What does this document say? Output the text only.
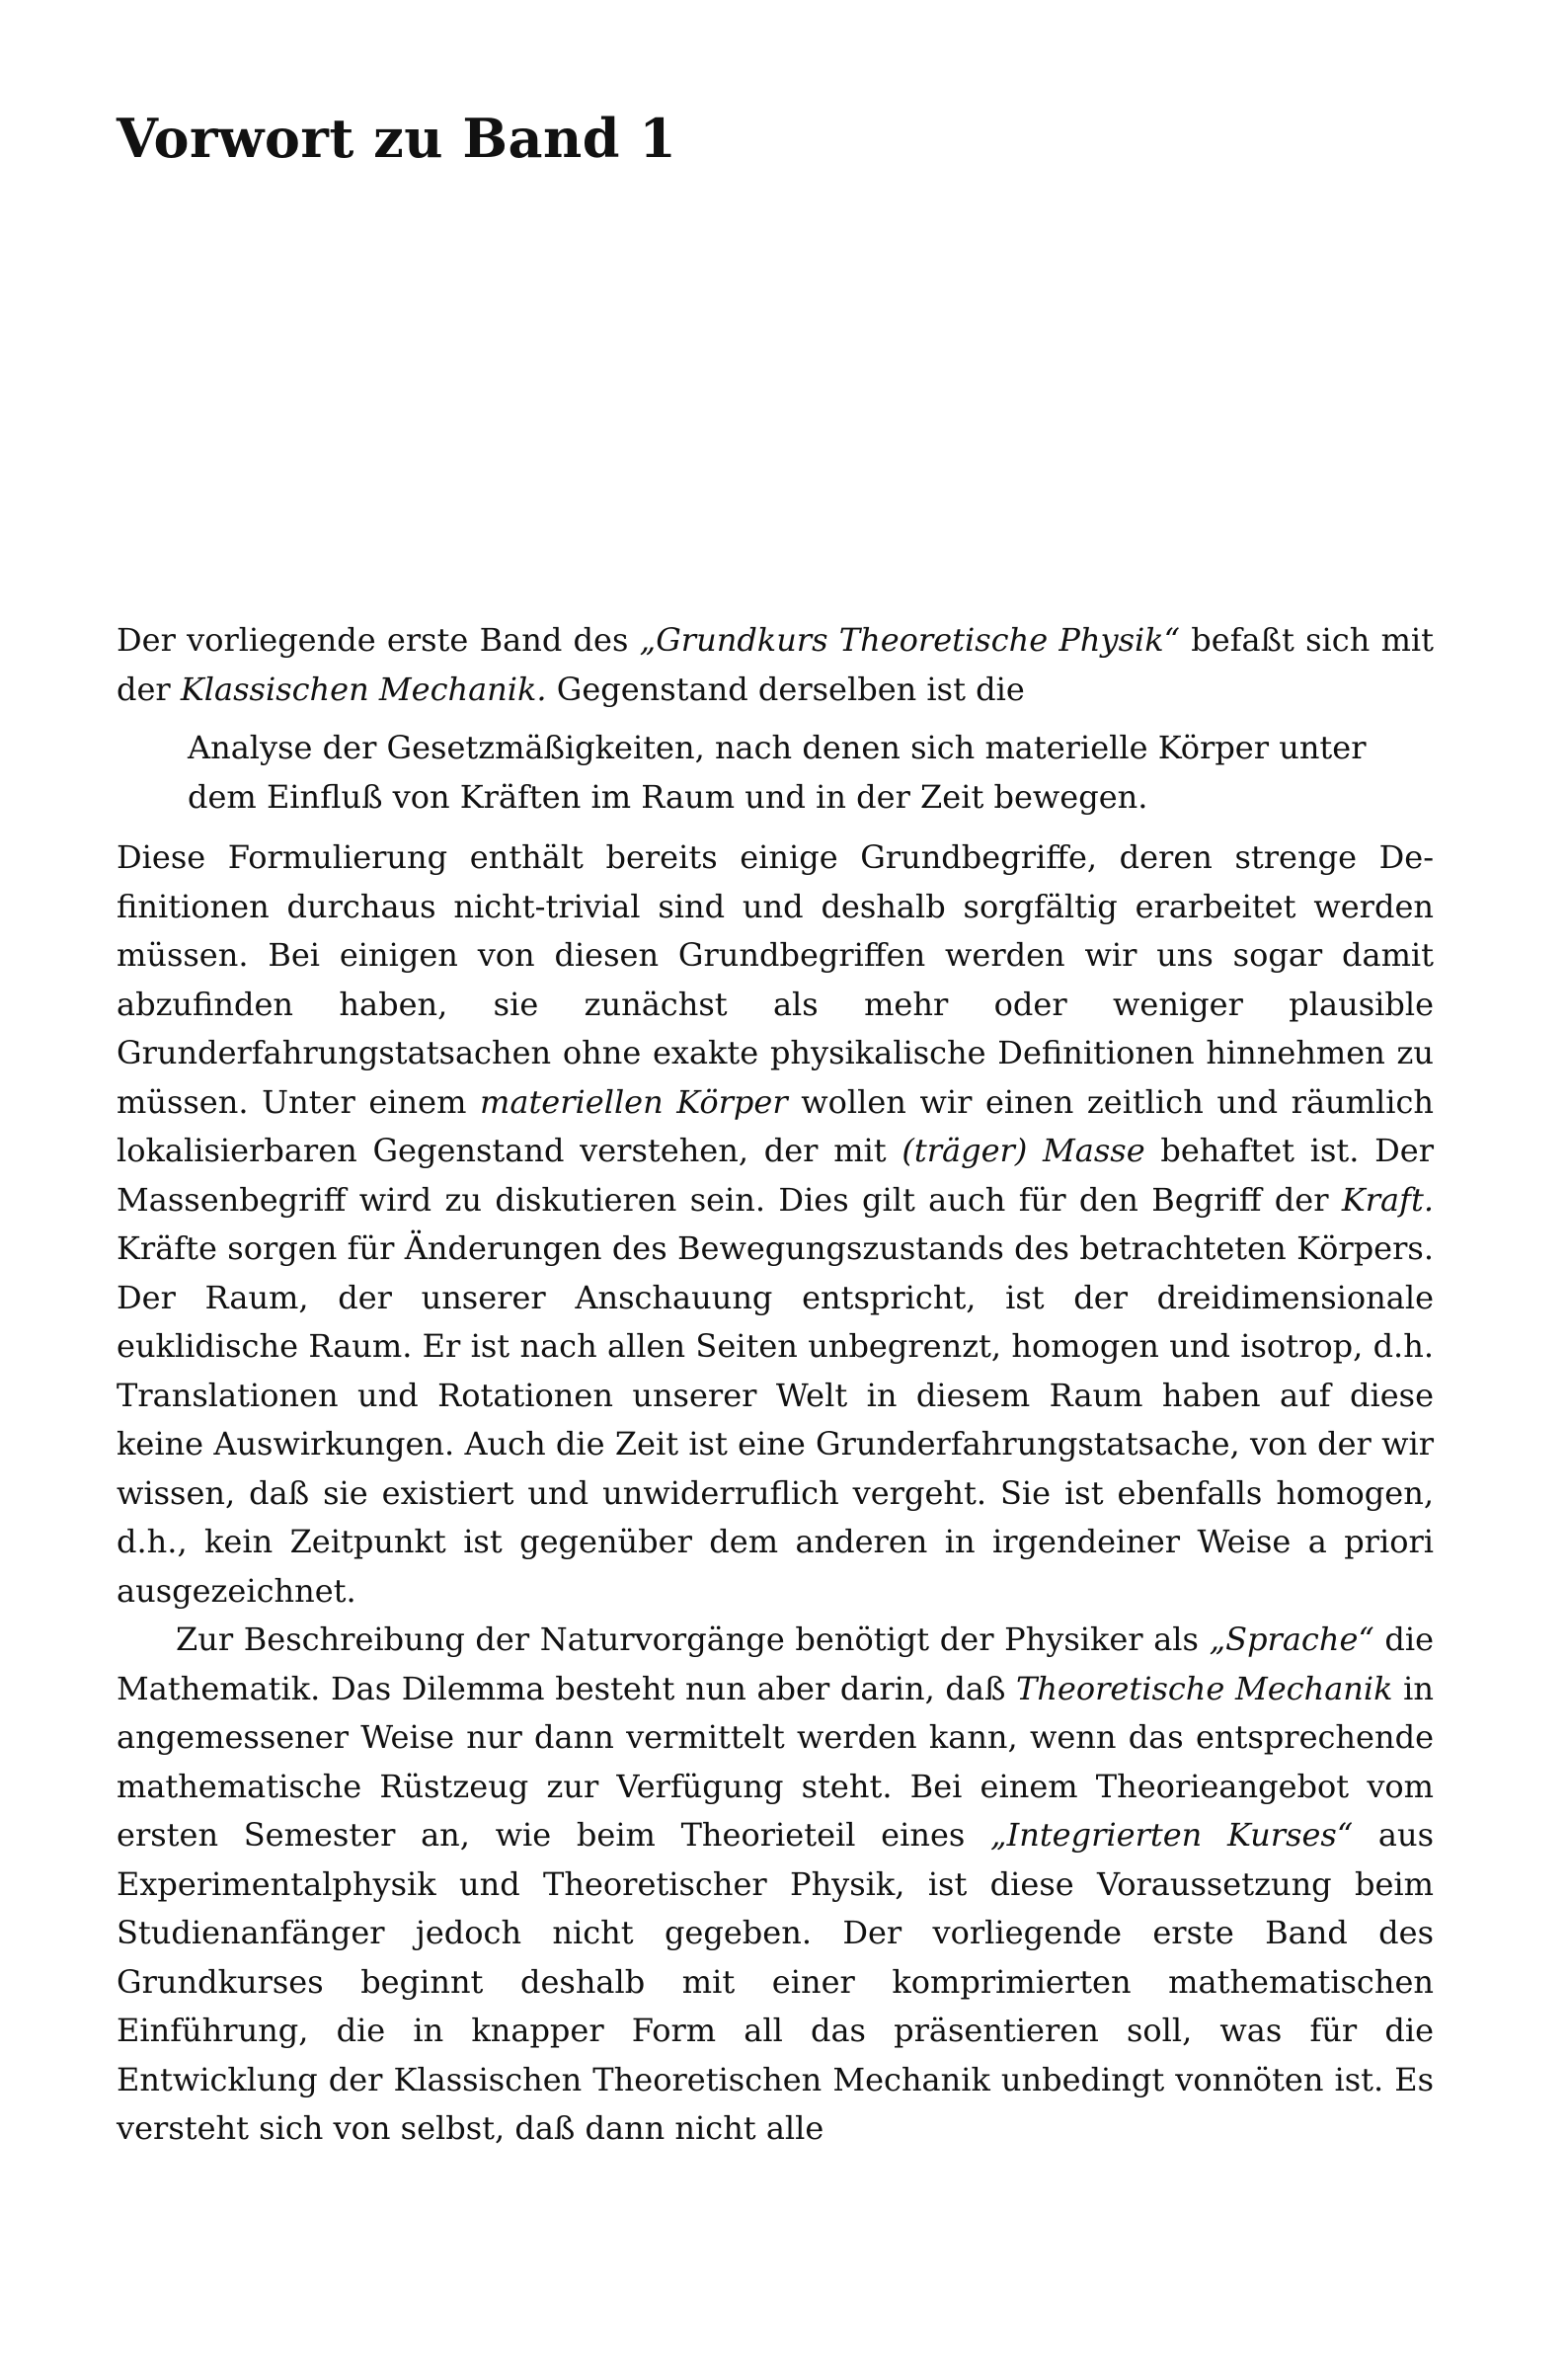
Vorwort zu Band 1

Der vorliegende erste Band des „Grundkurs Theoretische Physik“ befaßt sich mit der Klassischen Mechanik. Gegenstand derselben ist die

Analyse der Gesetzmäßigkeiten, nach denen sich materielle Körper unter dem Einfluß von Kräften im Raum und in der Zeit bewegen.

Diese Formulierung enthält bereits einige Grundbegriffe, deren strenge Definitionen durchaus nicht-trivial sind und deshalb sorgfältig erarbeitet werden müssen. Bei einigen von diesen Grundbegriffen werden wir uns sogar damit abzufinden haben, sie zunächst als mehr oder weniger plausible Grunderfahrungstatsachen ohne exakte physikalische Definitionen hinnehmen zu müssen. Unter einem materiellen Körper wollen wir einen zeitlich und räumlich lokalisierbaren Gegenstand verstehen, der mit (träger) Masse behaftet ist. Der Massenbegriff wird zu diskutieren sein. Dies gilt auch für den Begriff der Kraft. Kräfte sorgen für Änderungen des Bewegungszustands des betrachteten Körpers. Der Raum, der unserer Anschauung entspricht, ist der dreidimensionale euklidische Raum. Er ist nach allen Seiten unbegrenzt, homogen und isotrop, d.h. Translationen und Rotationen unserer Welt in diesem Raum haben auf diese keine Auswirkungen. Auch die Zeit ist eine Grunderfahrungstatsache, von der wir wissen, daß sie existiert und unwiderruflich vergeht. Sie ist ebenfalls homogen, d.h., kein Zeitpunkt ist gegenüber dem anderen in irgendeiner Weise a priori ausgezeichnet.

Zur Beschreibung der Naturvorgänge benötigt der Physiker als „Sprache“ die Mathematik. Das Dilemma besteht nun aber darin, daß Theoretische Mechanik in angemessener Weise nur dann vermittelt werden kann, wenn das entsprechende mathematische Rüstzeug zur Verfügung steht. Bei einem Theorieangebot vom ersten Semester an, wie beim Theorieteil eines „Integrierten Kurses“ aus Experimentalphysik und Theoretischer Physik, ist diese Voraussetzung beim Studienanfänger jedoch nicht gegeben. Der vorliegende erste Band des Grundkurses beginnt deshalb mit einer komprimierten mathematischen Einführung, die in knapper Form all das präsentieren soll, was für die Entwicklung der Klassischen Theoretischen Mechanik unbedingt vonnöten ist. Es versteht sich von selbst, daß dann nicht alle
